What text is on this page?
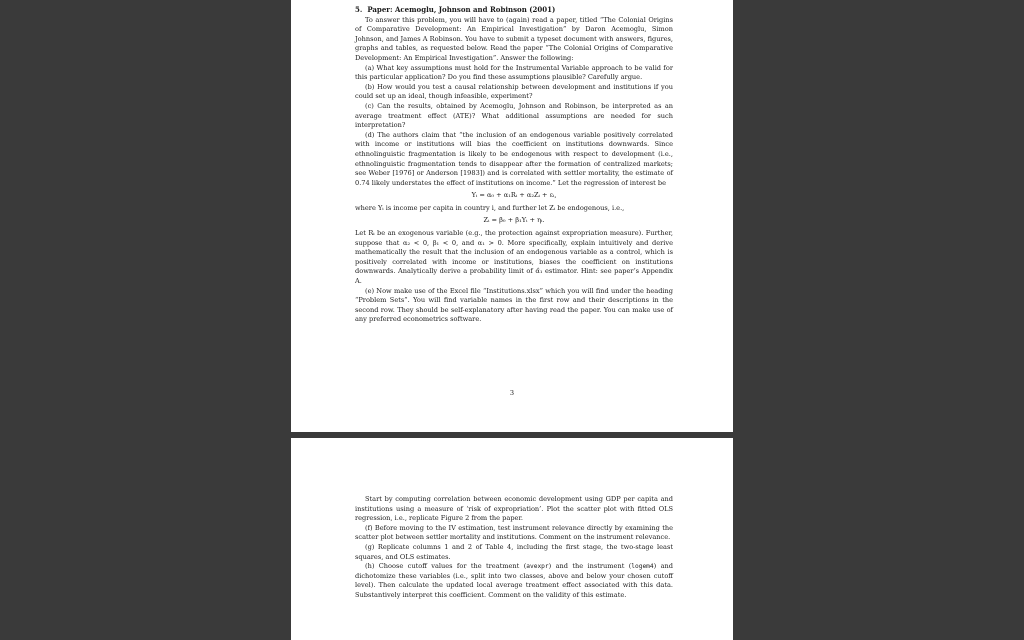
5. Paper: Acemoglu, Johnson and Robinson (2001)

To answer this problem, you will have to (again) read a paper, titled “The Colonial Origins of Comparative Development: An Empirical Investigation” by Daron Acemoglu, Simon Johnson, and James A Robinson. You have to submit a typeset document with answers, figures, graphs and tables, as requested below. Read the paper “The Colonial Origins of Comparative Development: An Empirical Investigation”. Answer the following:

(a) What key assumptions must hold for the Instrumental Variable approach to be valid for this particular application? Do you find these assumptions plausible? Carefully argue.

(b) How would you test a causal relationship between development and institutions if you could set up an ideal, though infeasible, experiment?

(c) Can the results, obtained by Acemoglu, Johnson and Robinson, be interpreted as an average treatment effect (ATE)? What additional assumptions are needed for such interpretation?

(d) The authors claim that “the inclusion of an endogenous variable positively correlated with income or institutions will bias the coefficient on institutions downwards. Since ethnolinguistic fragmentation is likely to be endogenous with respect to development (i.e., ethnolinguistic fragmentation tends to disappear after the formation of centralized markets; see Weber [1976] or Anderson [1983]) and is correlated with settler mortality, the estimate of 0.74 likely understates the effect of institutions on income.” Let the regression of interest be

Yᵢ = α₀ + α₁Rᵢ + α₂Zᵢ + εᵢ,

where Yᵢ is income per capita in country i, and further let Zᵢ be endogenous, i.e.,

Zᵢ = β₀ + β₁Yᵢ + ηᵢ.

Let Rᵢ be an exogenous variable (e.g., the protection against expropriation measure). Further, suppose that α₂ < 0, β₁ < 0, and α₁ > 0. More specifically, explain intuitively and derive mathematically the result that the inclusion of an endogenous variable as a control, which is positively correlated with income or institutions, biases the coefficient on institutions downwards. Analytically derive a probability limit of α̂₁ estimator. Hint: see paper’s Appendix A.

(e) Now make use of the Excel file “Institutions.xlsx” which you will find under the heading “Problem Sets”. You will find variable names in the first row and their descriptions in the second row. They should be self-explanatory after having read the paper. You can make use of any preferred econometrics software.

3

Start by computing correlation between economic development using GDP per capita and institutions using a measure of ‘risk of expropriation’. Plot the scatter plot with fitted OLS regression, i.e., replicate Figure 2 from the paper.

(f) Before moving to the IV estimation, test instrument relevance directly by examining the scatter plot between settler mortality and institutions. Comment on the instrument relevance.

(g) Replicate columns 1 and 2 of Table 4, including the first stage, the two-stage least squares, and OLS estimates.

(h) Choose cutoff values for the treatment (avexpr) and the instrument (logem4) and dichotomize these variables (i.e., split into two classes, above and below your chosen cutoff level). Then calculate the updated local average treatment effect associated with this data. Substantively interpret this coefficient. Comment on the validity of this estimate.
